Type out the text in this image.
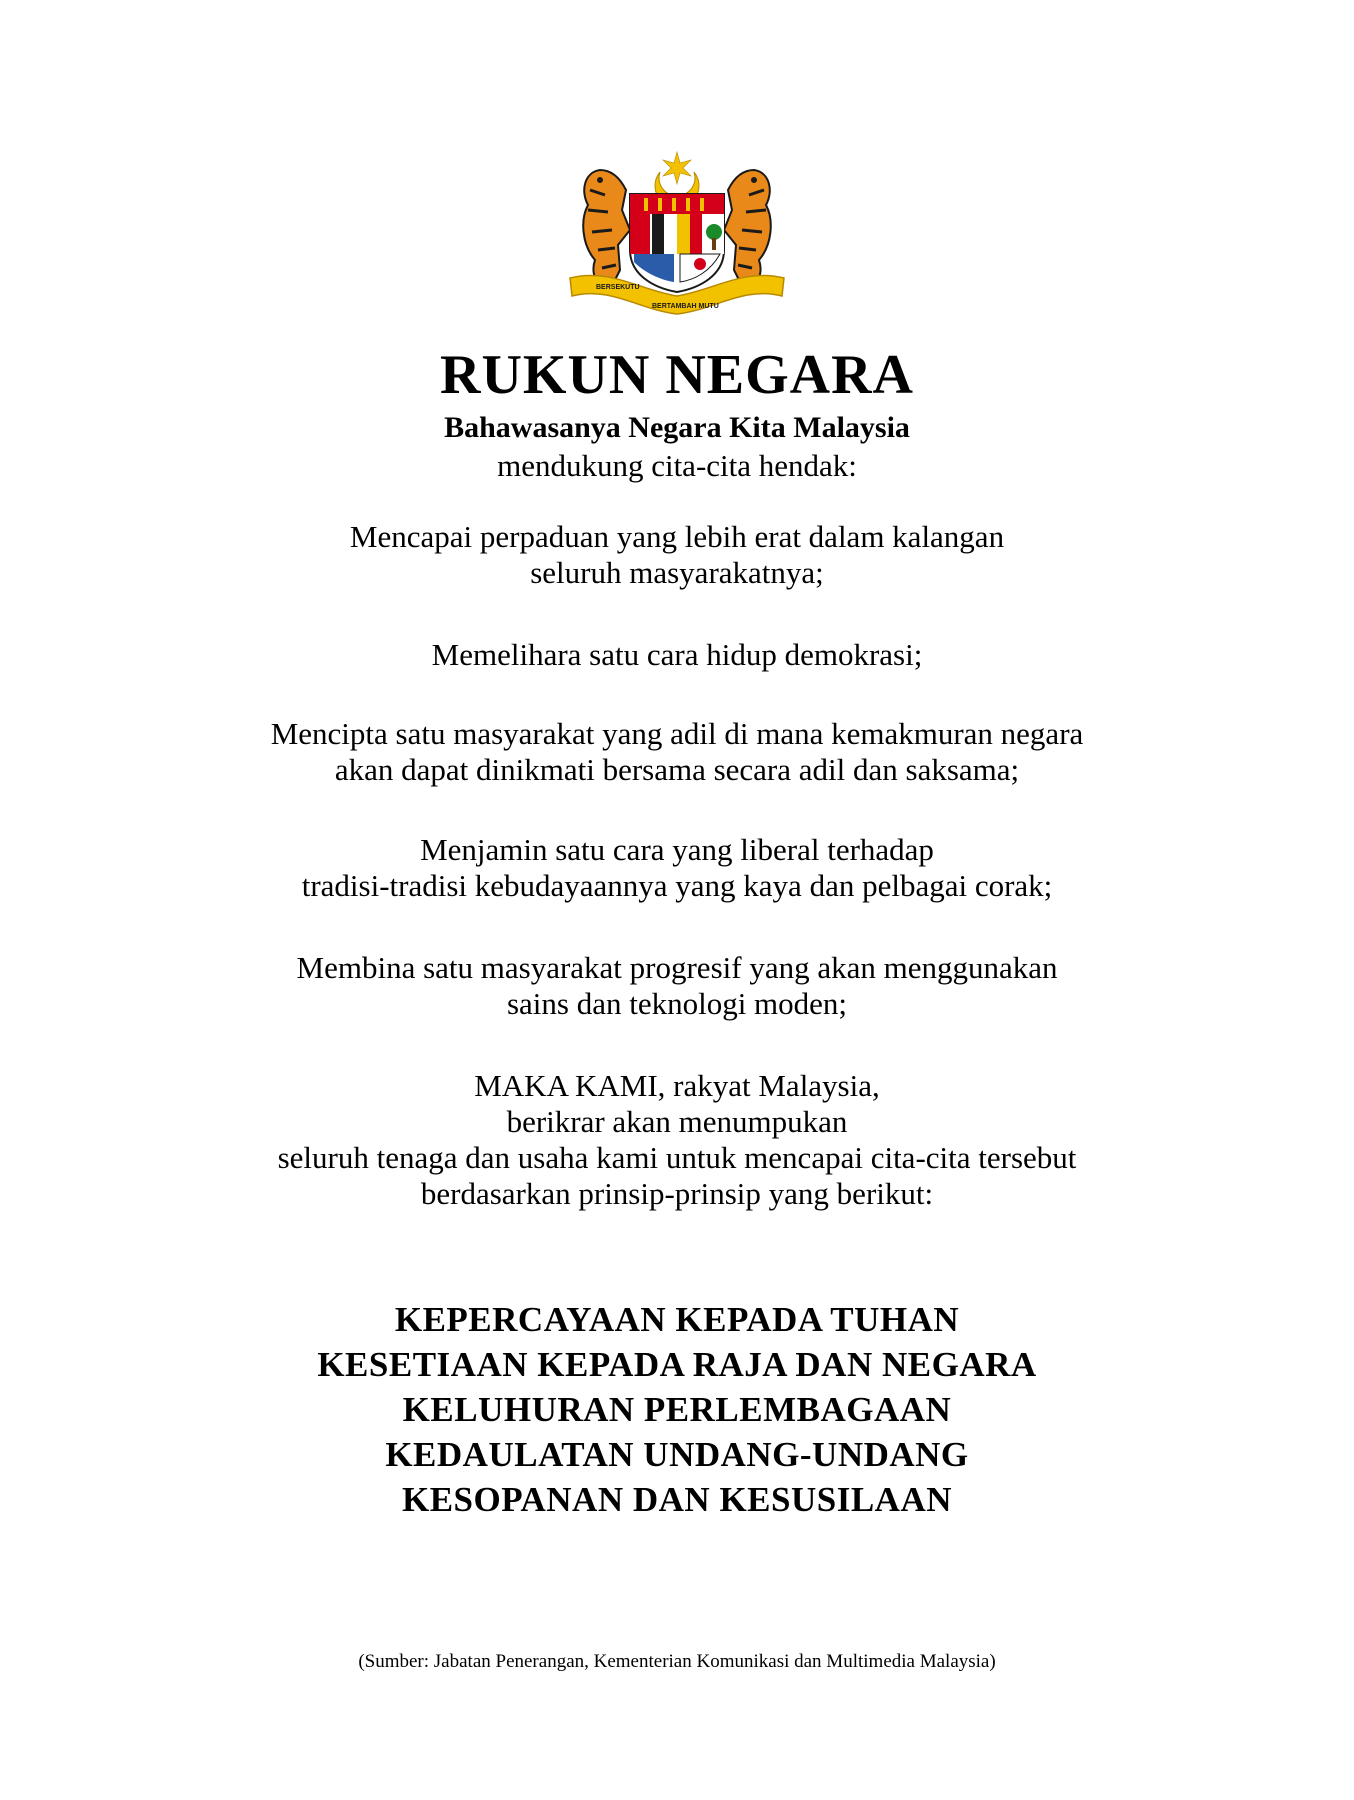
BERSEKUTU
BERTAMBAH MUTU
RUKUN NEGARA
Bahawasanya Negara Kita Malaysia
mendukung cita-cita hendak:
Mencapai perpaduan yang lebih erat dalam kalangan
seluruh masyarakatnya;
Memelihara satu cara hidup demokrasi;
Mencipta satu masyarakat yang adil di mana kemakmuran negara
akan dapat dinikmati bersama secara adil dan saksama;
Menjamin satu cara yang liberal terhadap
tradisi-tradisi kebudayaannya yang kaya dan pelbagai corak;
Membina satu masyarakat progresif yang akan menggunakan
sains dan teknologi moden;
MAKA KAMI, rakyat Malaysia,
berikrar akan menumpukan
seluruh tenaga dan usaha kami untuk mencapai cita-cita tersebut
berdasarkan prinsip-prinsip yang berikut:
KEPERCAYAAN KEPADA TUHAN
KESETIAAN KEPADA RAJA DAN NEGARA
KELUHURAN PERLEMBAGAAN
KEDAULATAN UNDANG-UNDANG
KESOPANAN DAN KESUSILAAN
(Sumber: Jabatan Penerangan, Kementerian Komunikasi dan Multimedia Malaysia)
